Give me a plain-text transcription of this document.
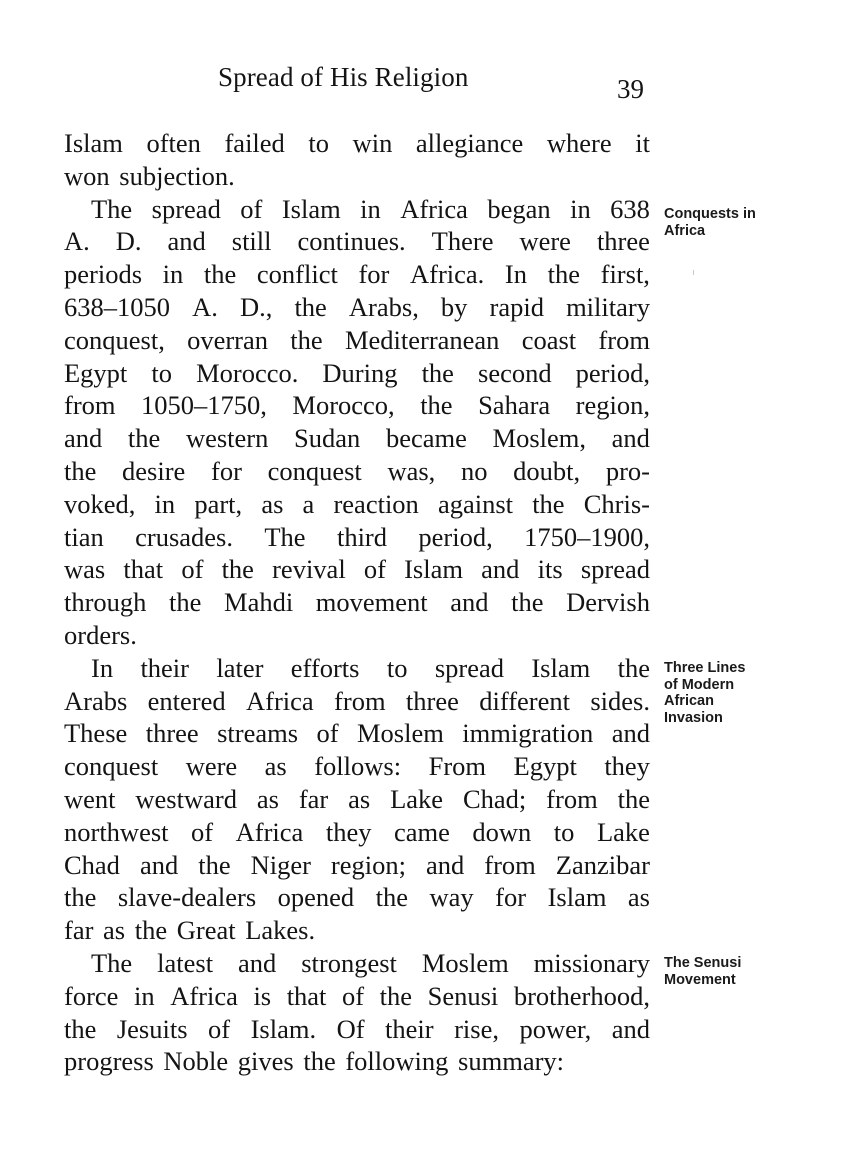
Spread of His Religion	39
Islam often failed to win allegiance where it
won subjection.
The spread of Islam in Africa began in 638
A. D. and still continues. There were three
periods in the conflict for Africa. In the first,
638–1050 A. D., the Arabs, by rapid military
conquest, overran the Mediterranean coast from
Egypt to Morocco. During the second period,
from 1050–1750, Morocco, the Sahara region,
and the western Sudan became Moslem, and
the desire for conquest was, no doubt, pro-
voked, in part, as a reaction against the Chris-
tian crusades. The third period, 1750–1900,
was that of the revival of Islam and its spread
through the Mahdi movement and the Dervish
orders.
In their later efforts to spread Islam the
Arabs entered Africa from three different sides.
These three streams of Moslem immigration and
conquest were as follows: From Egypt they
went westward as far as Lake Chad; from the
northwest of Africa they came down to Lake
Chad and the Niger region; and from Zanzibar
the slave-dealers opened the way for Islam as
far as the Great Lakes.
The latest and strongest Moslem missionary
force in Africa is that of the Senusi brotherhood,
the Jesuits of Islam. Of their rise, power, and
progress Noble gives the following summary:
Conquests in
Africa
Three Lines
of Modern
African
Invasion
The Senusi
Movement
